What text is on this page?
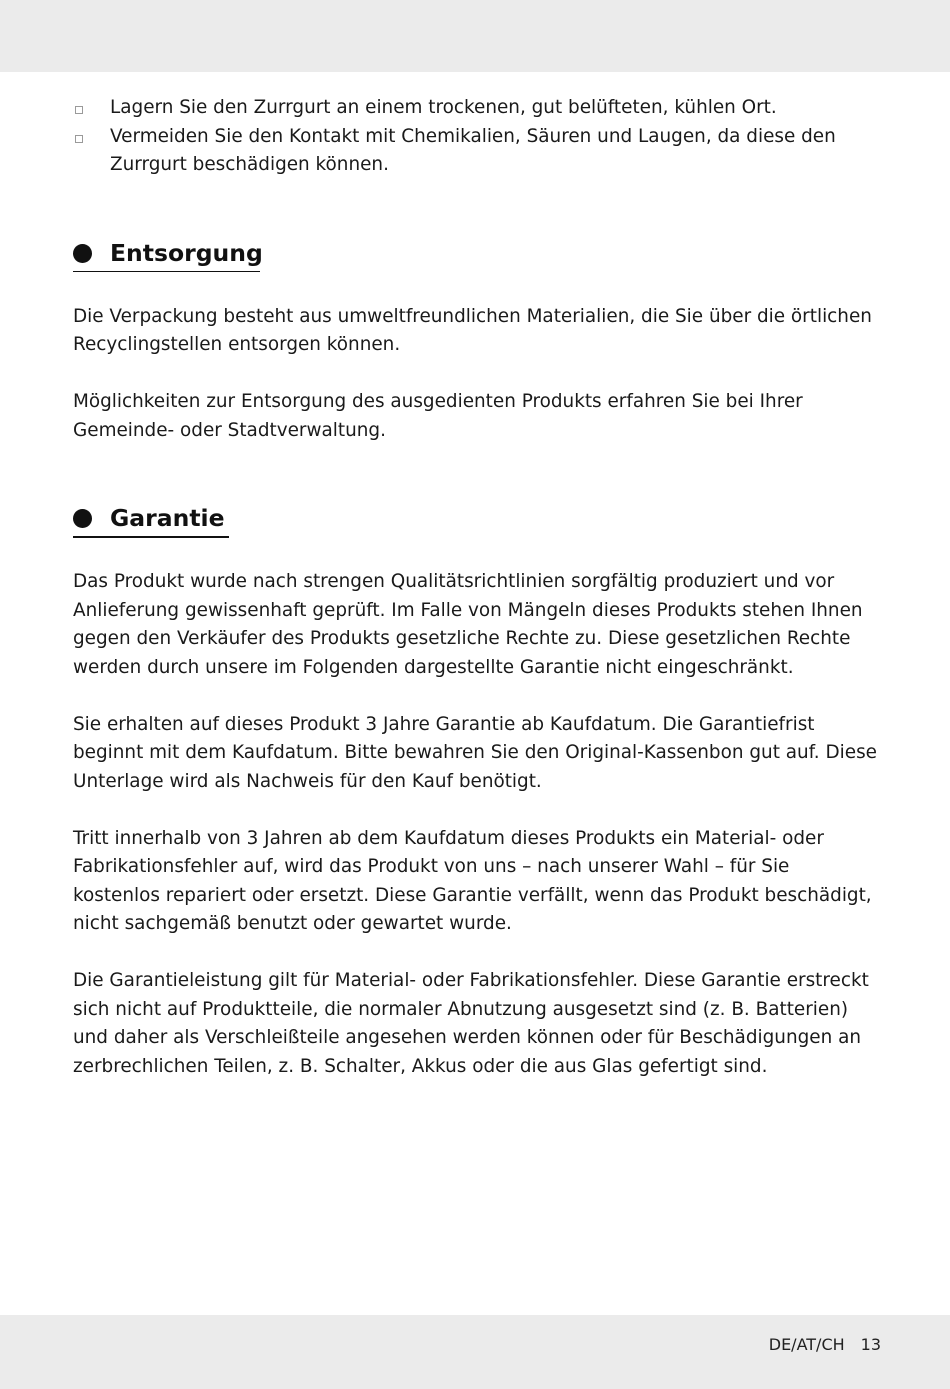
Lagern Sie den Zurrgurt an einem trockenen, gut belüfteten, kühlen Ort.
Vermeiden Sie den Kontakt mit Chemikalien, Säuren und Laugen, da diese den Zurrgurt beschädigen können.
Entsorgung

Die Verpackung besteht aus umweltfreundlichen Materialien, die Sie über die örtlichen Recyclingstellen entsorgen können.

Möglichkeiten zur Entsorgung des ausgedienten Produkts erfahren Sie bei Ihrer Gemeinde- oder Stadtverwaltung.

Garantie

Das Produkt wurde nach strengen Qualitätsrichtlinien sorgfältig produziert und vor Anlieferung gewissenhaft geprüft. Im Falle von Mängeln dieses Produkts stehen Ihnen gegen den Verkäufer des Produkts gesetzliche Rechte zu. Diese gesetzlichen Rechte werden durch unsere im Folgenden dargestellte Garantie nicht eingeschränkt.

Sie erhalten auf dieses Produkt 3 Jahre Garantie ab Kaufdatum. Die Garantiefrist beginnt mit dem Kaufdatum. Bitte bewahren Sie den Original-Kassenbon gut auf. Diese Unterlage wird als Nachweis für den Kauf benötigt.

Tritt innerhalb von 3 Jahren ab dem Kaufdatum dieses Produkts ein Material- oder Fabrikationsfehler auf, wird das Produkt von uns – nach unserer Wahl – für Sie kostenlos repariert oder ersetzt. Diese Garantie verfällt, wenn das Produkt beschädigt, nicht sachgemäß benutzt oder gewartet wurde.

Die Garantieleistung gilt für Material- oder Fabrikationsfehler. Diese Garantie erstreckt sich nicht auf Produktteile, die normaler Abnutzung ausgesetzt sind (z. B. Batterien) und daher als Verschleißteile angesehen werden können oder für Beschädigungen an zerbrechlichen Teilen, z. B. Schalter, Akkus oder die aus Glas gefertigt sind.

DE/AT/CH 13
